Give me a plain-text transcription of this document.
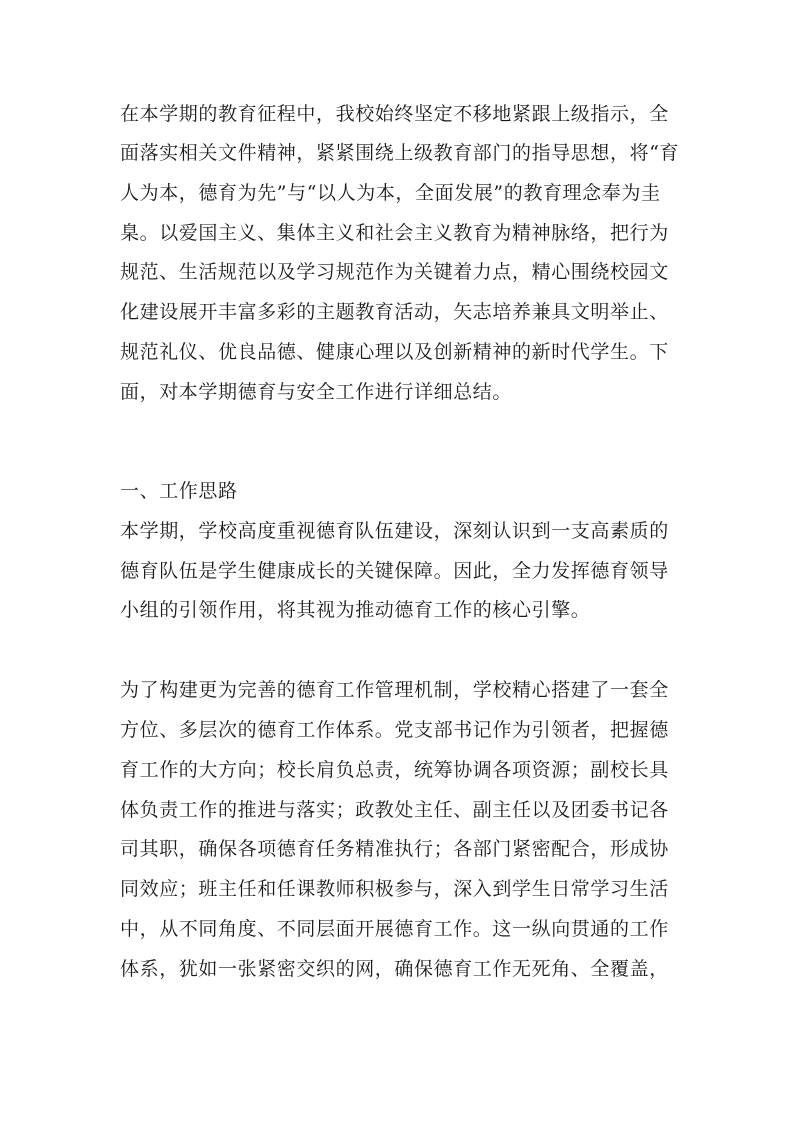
在本学期的教育征程中，我校始终坚定不移地紧跟上级指示，全
面落实相关文件精神，紧紧围绕上级教育部门的指导思想，将“育
人为本，德育为先”与“以人为本，全面发展”的教育理念奉为圭
臬。以爱国主义、集体主义和社会主义教育为精神脉络，把行为
规范、生活规范以及学习规范作为关键着力点，精心围绕校园文
化建设展开丰富多彩的主题教育活动，矢志培养兼具文明举止、
规范礼仪、优良品德、健康心理以及创新精神的新时代学生。下
面，对本学期德育与安全工作进行详细总结。
一、工作思路
本学期，学校高度重视德育队伍建设，深刻认识到一支高素质的
德育队伍是学生健康成长的关键保障。因此，全力发挥德育领导
小组的引领作用，将其视为推动德育工作的核心引擎。
为了构建更为完善的德育工作管理机制，学校精心搭建了一套全
方位、多层次的德育工作体系。党支部书记作为引领者，把握德
育工作的大方向；校长肩负总责，统筹协调各项资源；副校长具
体负责工作的推进与落实；政教处主任、副主任以及团委书记各
司其职，确保各项德育任务精准执行；各部门紧密配合，形成协
同效应；班主任和任课教师积极参与，深入到学生日常学习生活
中，从不同角度、不同层面开展德育工作。这一纵向贯通的工作
体系，犹如一张紧密交织的网，确保德育工作无死角、全覆盖，
